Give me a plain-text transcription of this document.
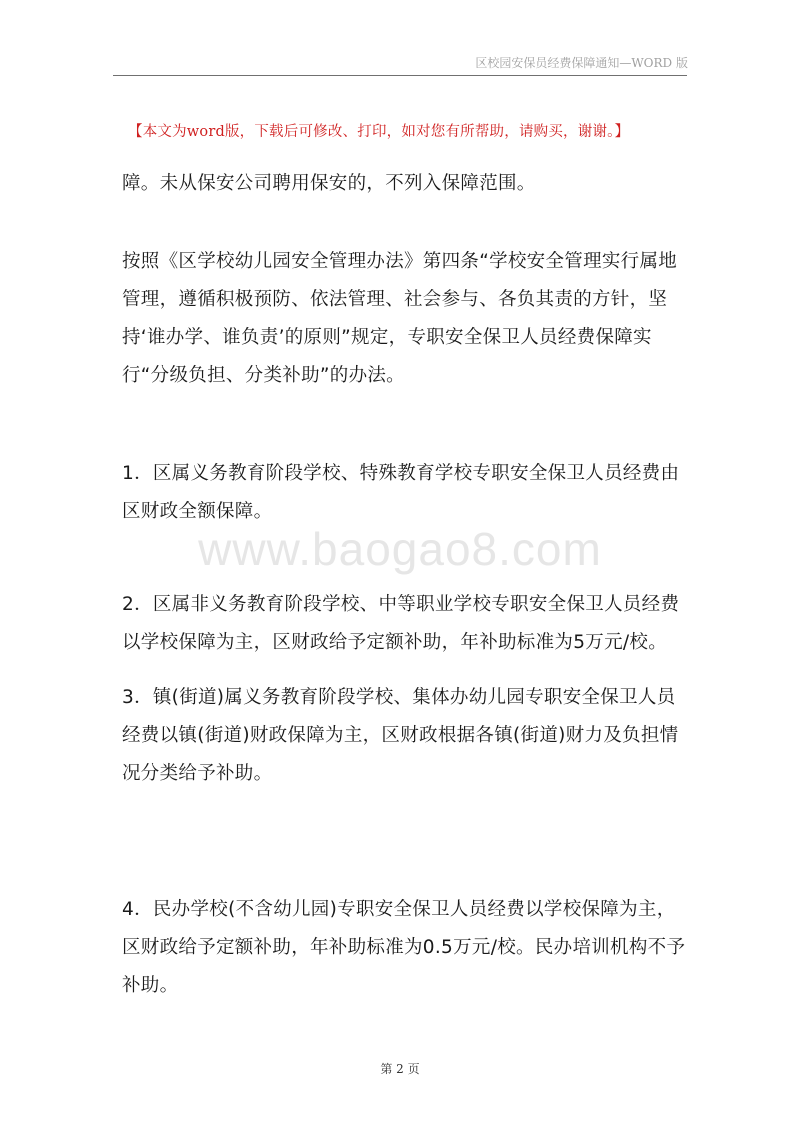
区校园安保员经费保障通知—WORD 版
【本文为word版，下载后可修改、打印，如对您有所帮助，请购买，谢谢。】
障。未从保安公司聘用保安的，不列入保障范围。
按照《区学校幼儿园安全管理办法》第四条“学校安全管理实行属地管理，遵循积极预防、依法管理、社会参与、各负其责的方针，坚持‘谁办学、谁负责’的原则”规定，专职安全保卫人员经费保障实行“分级负担、分类补助”的办法。
1．区属义务教育阶段学校、特殊教育学校专职安全保卫人员经费由区财政全额保障。
2．区属非义务教育阶段学校、中等职业学校专职安全保卫人员经费以学校保障为主，区财政给予定额补助，年补助标准为5万元/校。
3．镇(街道)属义务教育阶段学校、集体办幼儿园专职安全保卫人员经费以镇(街道)财政保障为主，区财政根据各镇(街道)财力及负担情况分类给予补助。
4．民办学校(不含幼儿园)专职安全保卫人员经费以学校保障为主，区财政给予定额补助，年补助标准为0.5万元/校。民办培训机构不予补助。
www.baogao8.com
第 2 页
